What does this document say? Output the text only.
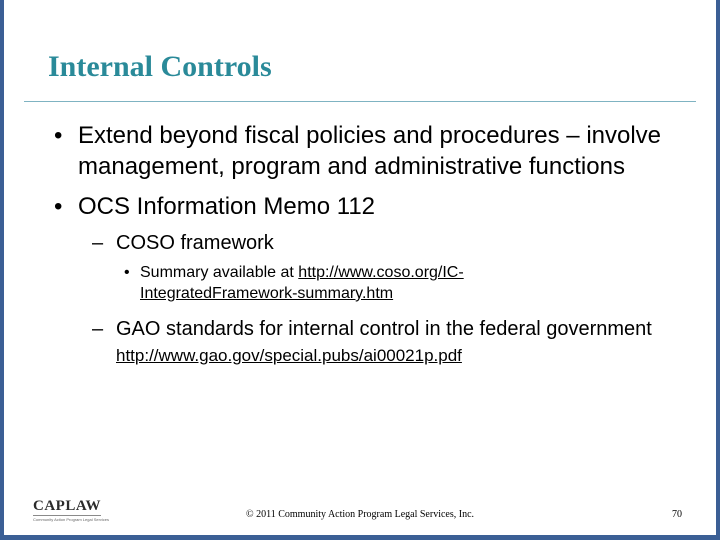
Internal Controls
• Extend beyond fiscal policies and procedures – involve management, program and administrative functions
• OCS Information Memo 112
– COSO framework
• Summary available at http://www.coso.org/IC-IntegratedFramework-summary.htm
– GAO standards for internal control in the federal government http://www.gao.gov/special.pubs/ai00021p.pdf
CAPLAW
Community Action Program Legal Services	© 2011 Community Action Program Legal Services, Inc.	70
